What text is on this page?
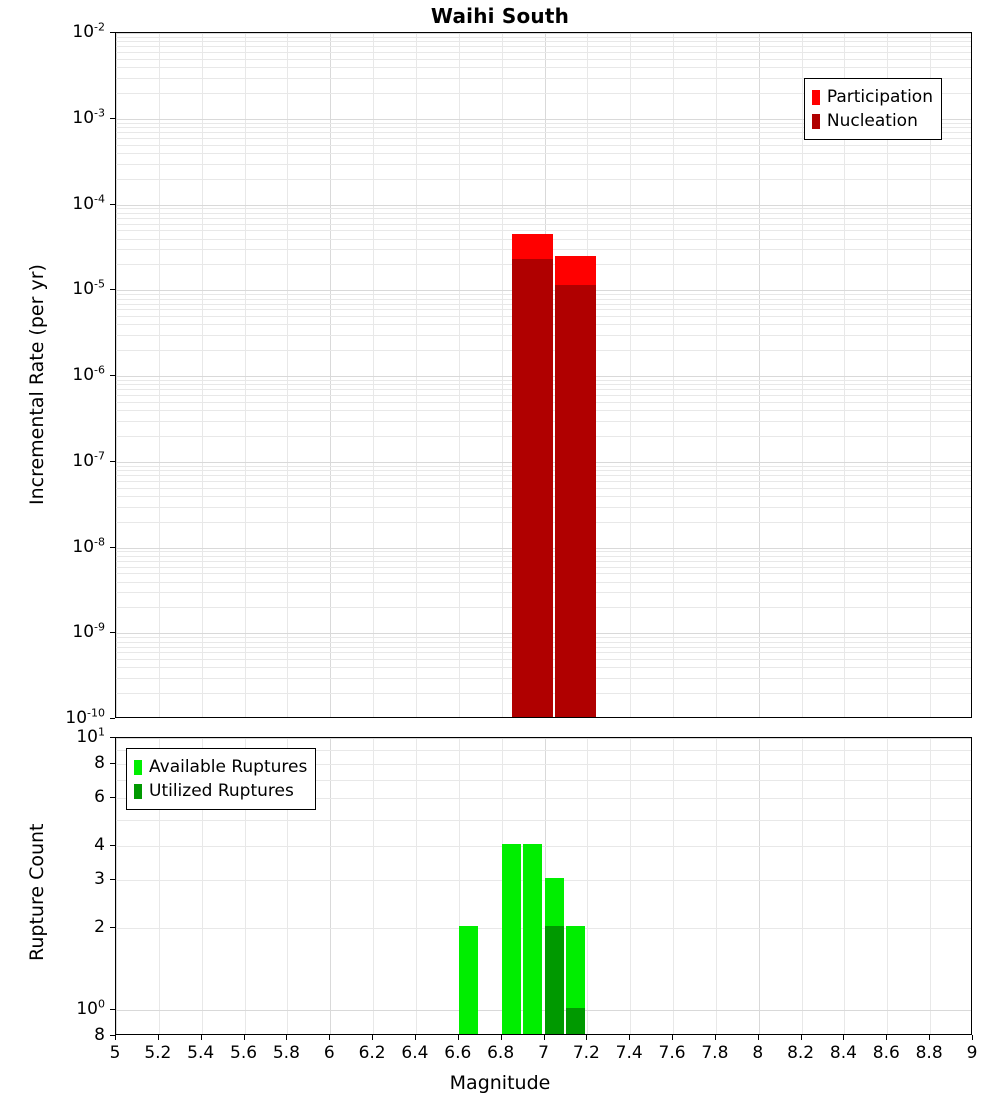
Waihi South
Participation
Nucleation
Available Ruptures
Utilized Ruptures
5 5.2 5.4 5.6 5.8 6 6.2 6.4 6.6 6.8 7 7.2 7.4 7.6 7.8 8 8.2 8.4 8.6 8.8 9
$10^{-2}$
$10^{-3}$
$10^{-4}$
$10^{-5}$
$10^{-6}$
$10^{-7}$
$10^{-8}$
$10^{-9}$
$10^{-10}$
$10^1$
8
6
4
3
2
$10^0$
8
Incremental Rate (per yr)
Rupture Count
Magnitude
